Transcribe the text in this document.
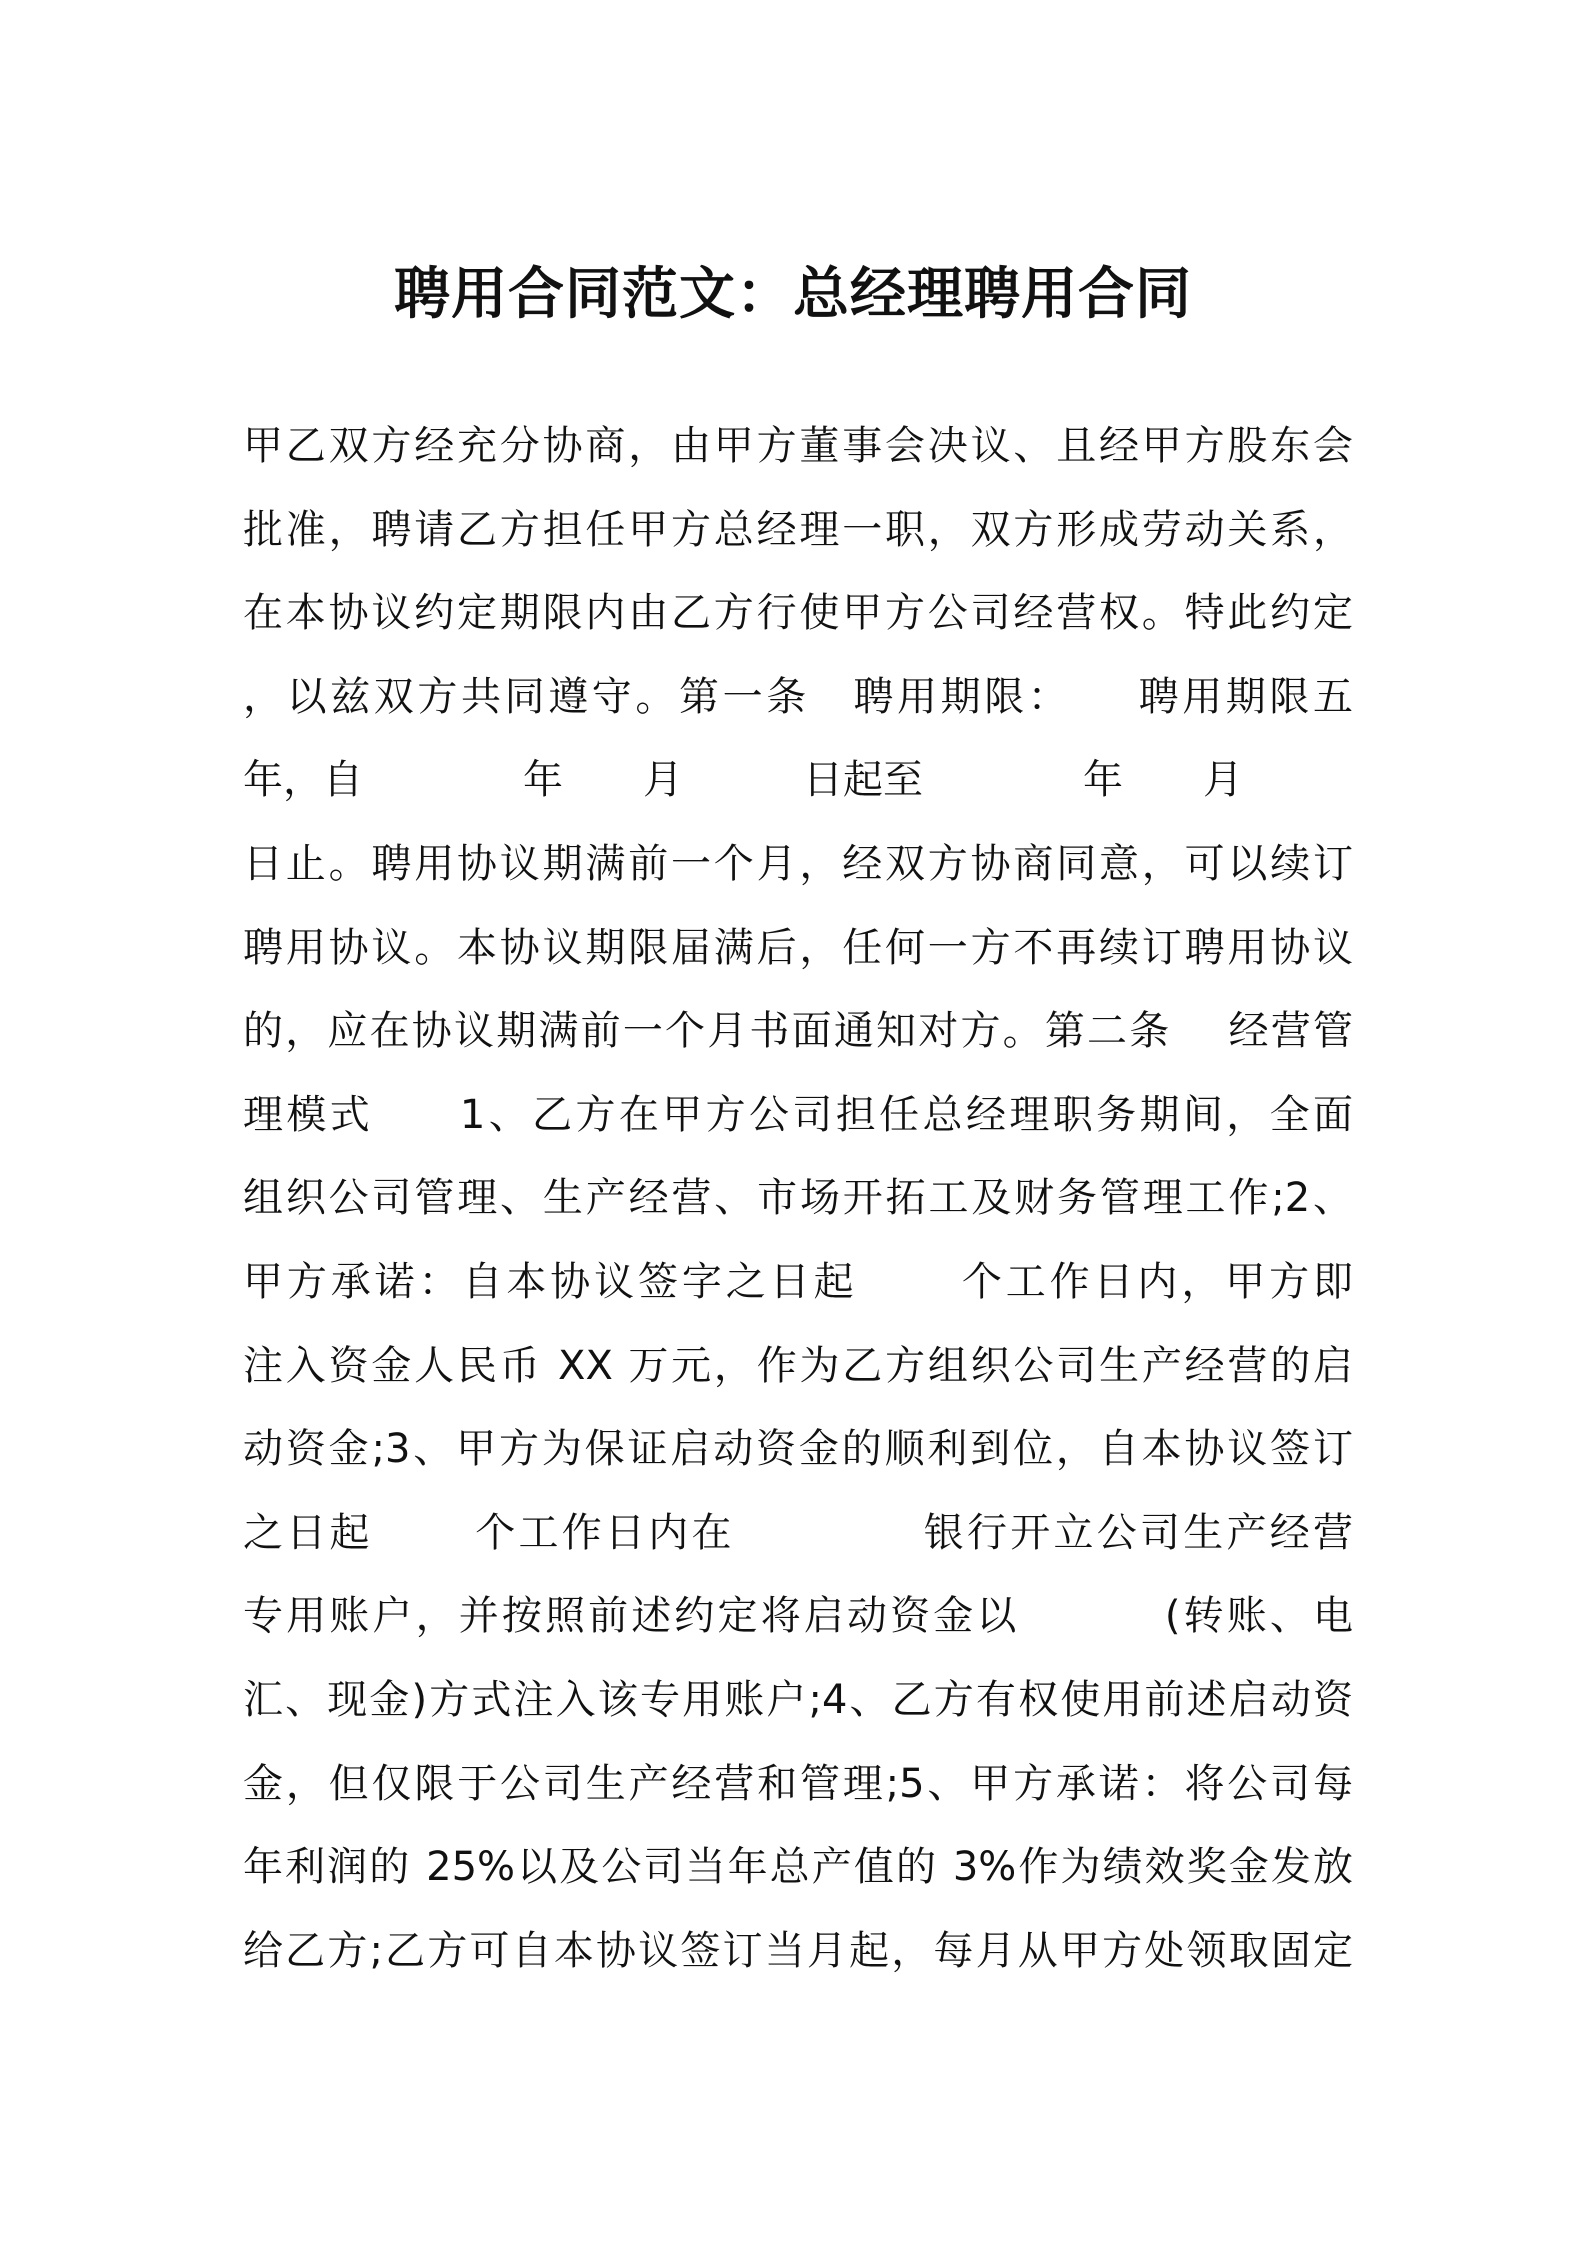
聘用合同范文：总经理聘用合同
甲乙双方经充分协商，由甲方董事会决议、且经甲方股东会
批准，聘请乙方担任甲方总经理一职，双方形成劳动关系，
在本协议约定期限内由乙方行使甲方公司经营权。特此约定
，以兹双方共同遵守。第一条　聘用期限：　　聘用期限五
年，自　　　　年　　月　　　日起至　　　　年　　月
日止。聘用协议期满前一个月，经双方协商同意，可以续订
聘用协议。本协议期限届满后，任何一方不再续订聘用协议
的，应在协议期满前一个月书面通知对方。第二条　 经营管
理模式　　1、乙方在甲方公司担任总经理职务期间，全面
组织公司管理、生产经营、市场开拓工及财务管理工作;2、
甲方承诺：自本协议签字之日起　　 个工作日内，甲方即
注入资金人民币 XX 万元，作为乙方组织公司生产经营的启
动资金;3、甲方为保证启动资金的顺利到位，自本协议签订
之日起　　 个工作日内在　　　　 银行开立公司生产经营
专用账户，并按照前述约定将启动资金以　　　 (转账、电
汇、现金)方式注入该专用账户;4、乙方有权使用前述启动资
金，但仅限于公司生产经营和管理;5、甲方承诺：将公司每
年利润的 25%以及公司当年总产值的 3%作为绩效奖金发放
给乙方;乙方可自本协议签订当月起，每月从甲方处领取固定
